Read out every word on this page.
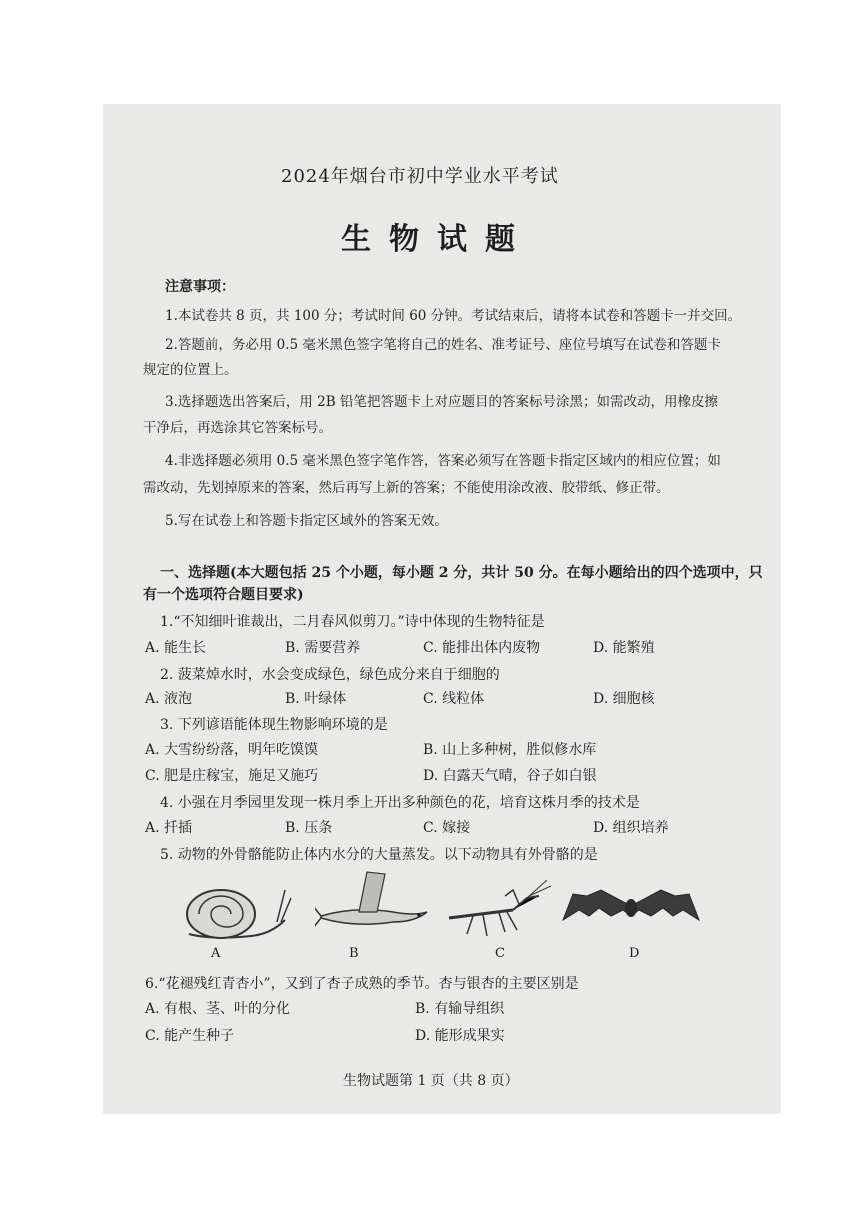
2024年烟台市初中学业水平考试
生物试题
注意事项：
1.本试卷共 8 页，共 100 分；考试时间 60 分钟。考试结束后，请将本试卷和答题卡一并交回。
2.答题前，务必用 0.5 毫米黑色签字笔将自己的姓名、准考证号、座位号填写在试卷和答题卡
规定的位置上。
3.选择题选出答案后，用 2B 铅笔把答题卡上对应题目的答案标号涂黑；如需改动，用橡皮擦
干净后，再选涂其它答案标号。
4.非选择题必须用 0.5 毫米黑色签字笔作答，答案必须写在答题卡指定区域内的相应位置；如
需改动，先划掉原来的答案，然后再写上新的答案；不能使用涂改液、胶带纸、修正带。
5.写在试卷上和答题卡指定区域外的答案无效。
一、选择题(本大题包括 25 个小题，每小题 2 分，共计 50 分。在每小题给出的四个选项中，只
有一个选项符合题目要求)
1.“不知细叶谁裁出，二月春风似剪刀。”诗中体现的生物特征是
A. 能生长	B. 需要营养	C. 能排出体内废物	D. 能繁殖
2. 菠菜焯水时，水会变成绿色，绿色成分来自于细胞的
A. 液泡	B. 叶绿体	C. 线粒体	D. 细胞核
3. 下列谚语能体现生物影响环境的是
A. 大雪纷纷落，明年吃馍馍	B. 山上多种树，胜似修水库
C. 肥是庄稼宝，施足又施巧	D. 白露天气晴，谷子如白银
4. 小强在月季园里发现一株月季上开出多种颜色的花，培育这株月季的技术是
A. 扦插	B. 压条	C. 嫁接	D. 组织培养
5. 动物的外骨骼能防止体内水分的大量蒸发。以下动物具有外骨骼的是
A	B	C	D
6.“花褪残红青杏小”，又到了杏子成熟的季节。杏与银杏的主要区别是
A. 有根、茎、叶的分化	B. 有输导组织
C. 能产生种子	D. 能形成果实
生物试题第 1 页（共 8 页）
